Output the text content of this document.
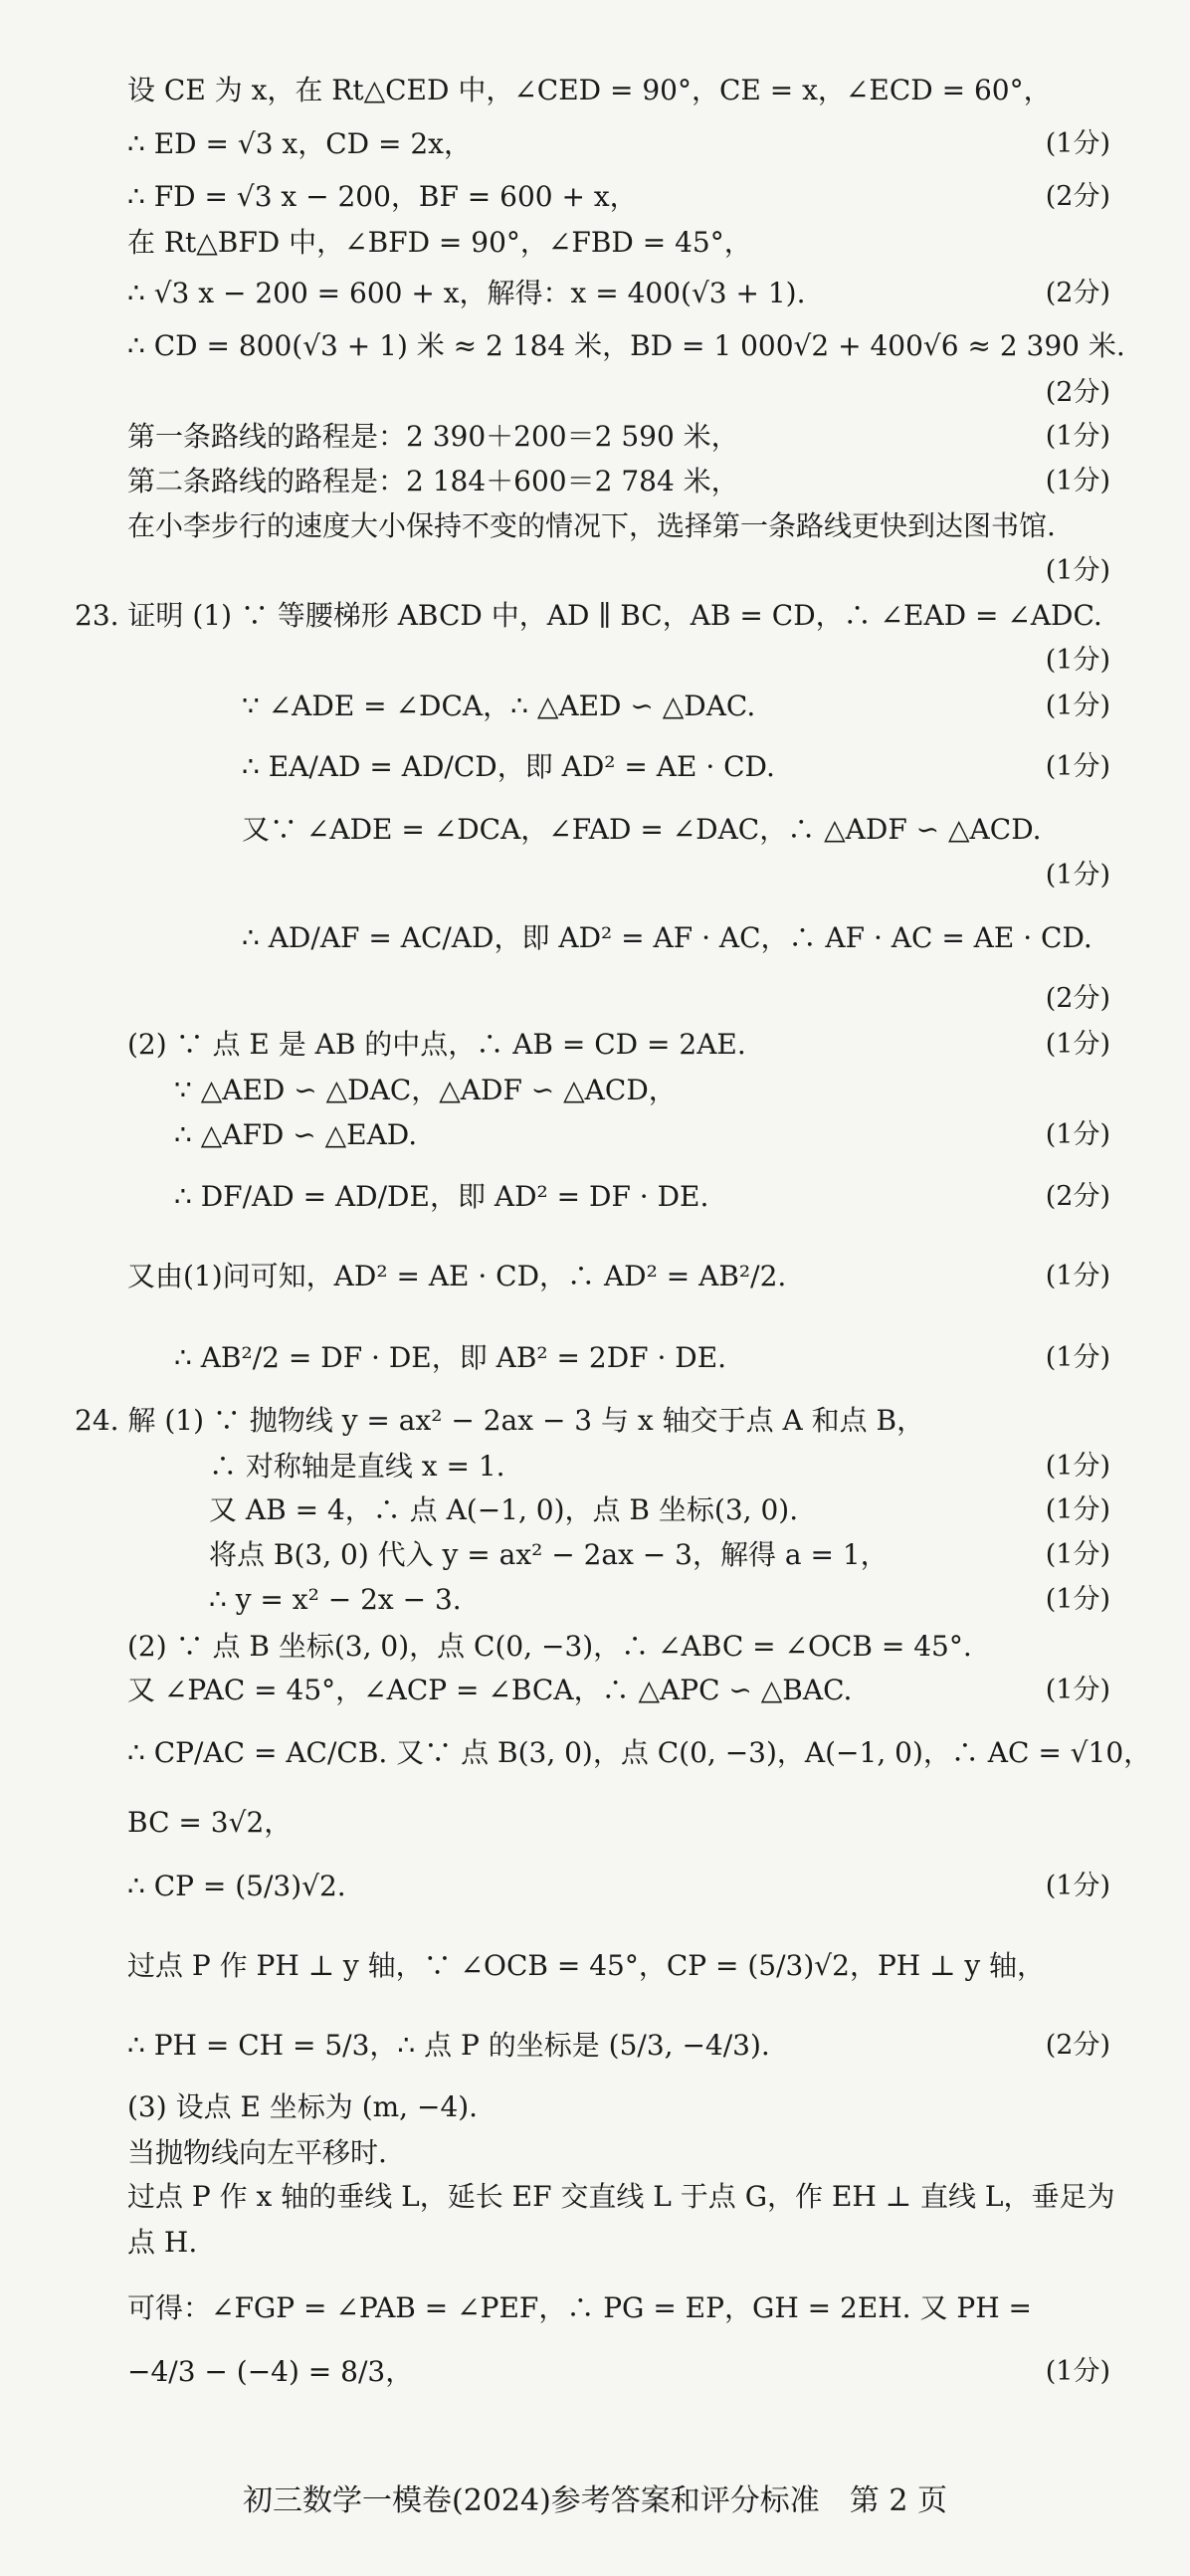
设 CE 为 x，在 Rt△CED 中，∠CED = 90°，CE = x，∠ECD = 60°，
∴ ED = √3 x，CD = 2x，	(1分)
∴ FD = √3 x − 200，BF = 600 + x，	(2分)
在 Rt△BFD 中，∠BFD = 90°，∠FBD = 45°，
∴ √3 x − 200 = 600 + x，解得：x = 400(√3 + 1).	(2分)
∴ CD = 800(√3 + 1) 米 ≈ 2 184 米，BD = 1 000√2 + 400√6 ≈ 2 390 米.
(2分)
第一条路线的路程是：2 390＋200＝2 590 米，	(1分)
第二条路线的路程是：2 184＋600＝2 784 米，	(1分)
在小李步行的速度大小保持不变的情况下，选择第一条路线更快到达图书馆.
(1分)
23. 证明 (1) ∵ 等腰梯形 ABCD 中，AD ∥ BC，AB = CD，∴ ∠EAD = ∠ADC.
(1分)
∵ ∠ADE = ∠DCA，∴ △AED ∽ △DAC.	(1分)
∴ EA/AD = AD/CD，即 AD² = AE · CD.	(1分)
又∵ ∠ADE = ∠DCA，∠FAD = ∠DAC，∴ △ADF ∽ △ACD.
(1分)
∴ AD/AF = AC/AD，即 AD² = AF · AC，∴ AF · AC = AE · CD.
(2分)
(2) ∵ 点 E 是 AB 的中点，∴ AB = CD = 2AE.	(1分)
∵ △AED ∽ △DAC，△ADF ∽ △ACD，
∴ △AFD ∽ △EAD.	(1分)
∴ DF/AD = AD/DE，即 AD² = DF · DE.	(2分)
又由(1)问可知，AD² = AE · CD，∴ AD² = AB²/2.	(1分)
∴ AB²/2 = DF · DE，即 AB² = 2DF · DE.	(1分)
24. 解 (1) ∵ 抛物线 y = ax² − 2ax − 3 与 x 轴交于点 A 和点 B，
∴ 对称轴是直线 x = 1.	(1分)
又 AB = 4，∴ 点 A(−1, 0)，点 B 坐标(3, 0).	(1分)
将点 B(3, 0) 代入 y = ax² − 2ax − 3，解得 a = 1，	(1分)
∴ y = x² − 2x − 3.	(1分)
(2) ∵ 点 B 坐标(3, 0)，点 C(0, −3)，∴ ∠ABC = ∠OCB = 45°.
又 ∠PAC = 45°，∠ACP = ∠BCA，∴ △APC ∽ △BAC.	(1分)
∴ CP/AC = AC/CB. 又∵ 点 B(3, 0)，点 C(0, −3)，A(−1, 0)，∴ AC = √10，
BC = 3√2，
∴ CP = (5/3)√2.	(1分)
过点 P 作 PH ⊥ y 轴，∵ ∠OCB = 45°，CP = (5/3)√2，PH ⊥ y 轴，
∴ PH = CH = 5/3，∴ 点 P 的坐标是 (5/3, −4/3).	(2分)
(3) 设点 E 坐标为 (m, −4).
当抛物线向左平移时.
过点 P 作 x 轴的垂线 L，延长 EF 交直线 L 于点 G，作 EH ⊥ 直线 L，垂足为
点 H.
可得：∠FGP = ∠PAB = ∠PEF，∴ PG = EP，GH = 2EH. 又 PH =
−4/3 − (−4) = 8/3，	(1分)
初三数学一模卷(2024)参考答案和评分标准　第 2 页
